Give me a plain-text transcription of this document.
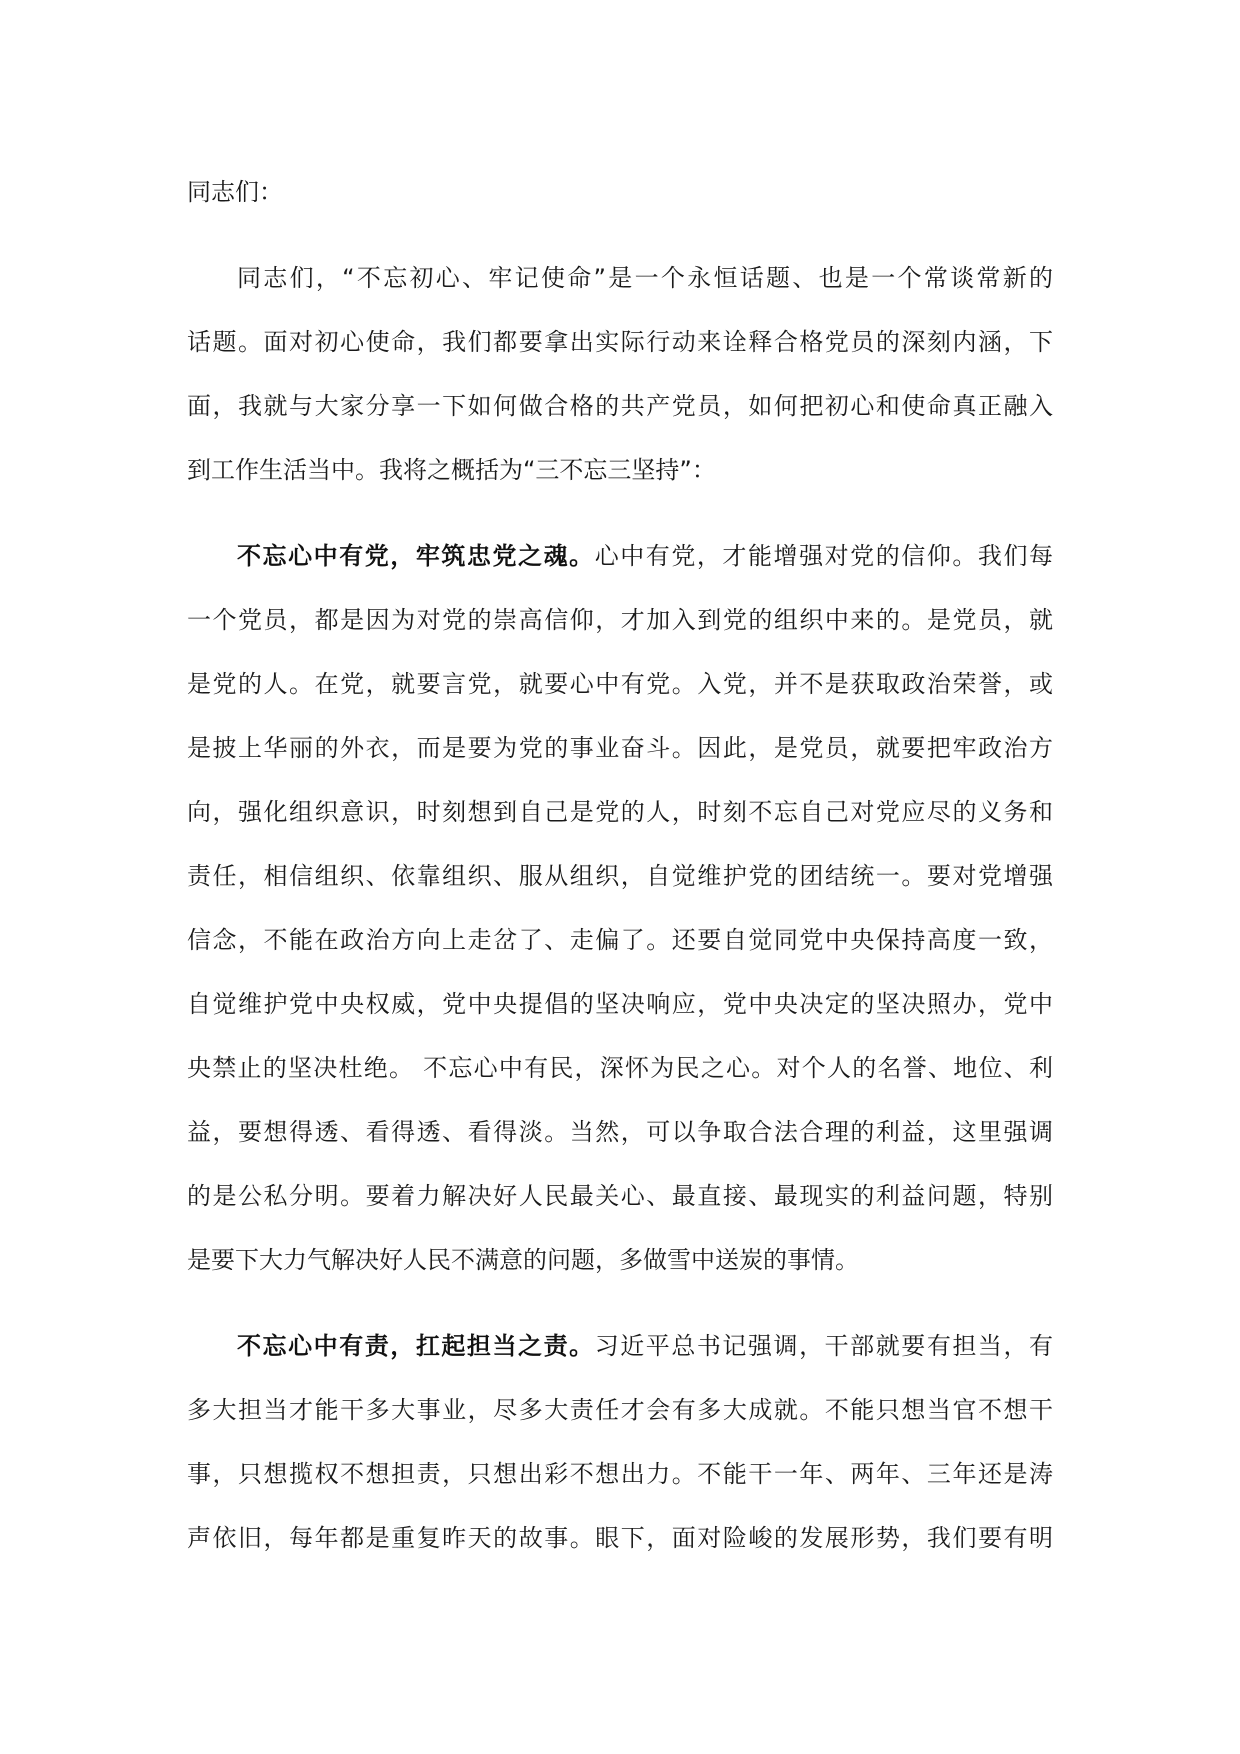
同志们：
同志们，“不忘初心、牢记使命”是一个永恒话题、也是一个常谈常新的
话题。面对初心使命，我们都要拿出实际行动来诠释合格党员的深刻内涵，下
面，我就与大家分享一下如何做合格的共产党员，如何把初心和使命真正融入
到工作生活当中。我将之概括为“三不忘三坚持”：
不忘心中有党，牢筑忠党之魂。心中有党，才能增强对党的信仰。我们每
一个党员，都是因为对党的崇高信仰，才加入到党的组织中来的。是党员，就
是党的人。在党，就要言党，就要心中有党。入党，并不是获取政治荣誉，或
是披上华丽的外衣，而是要为党的事业奋斗。因此，是党员，就要把牢政治方
向，强化组织意识，时刻想到自己是党的人，时刻不忘自己对党应尽的义务和
责任，相信组织、依靠组织、服从组织，自觉维护党的团结统一。要对党增强
信念，不能在政治方向上走岔了、走偏了。还要自觉同党中央保持高度一致，
自觉维护党中央权威，党中央提倡的坚决响应，党中央决定的坚决照办，党中
央禁止的坚决杜绝。 不忘心中有民，深怀为民之心。对个人的名誉、地位、利
益，要想得透、看得透、看得淡。当然，可以争取合法合理的利益，这里强调
的是公私分明。要着力解决好人民最关心、最直接、最现实的利益问题，特别
是要下大力气解决好人民不满意的问题，多做雪中送炭的事情。
不忘心中有责，扛起担当之责。习近平总书记强调，干部就要有担当，有
多大担当才能干多大事业，尽多大责任才会有多大成就。不能只想当官不想干
事，只想揽权不想担责，只想出彩不想出力。不能干一年、两年、三年还是涛
声依旧，每年都是重复昨天的故事。眼下，面对险峻的发展形势，我们要有明
